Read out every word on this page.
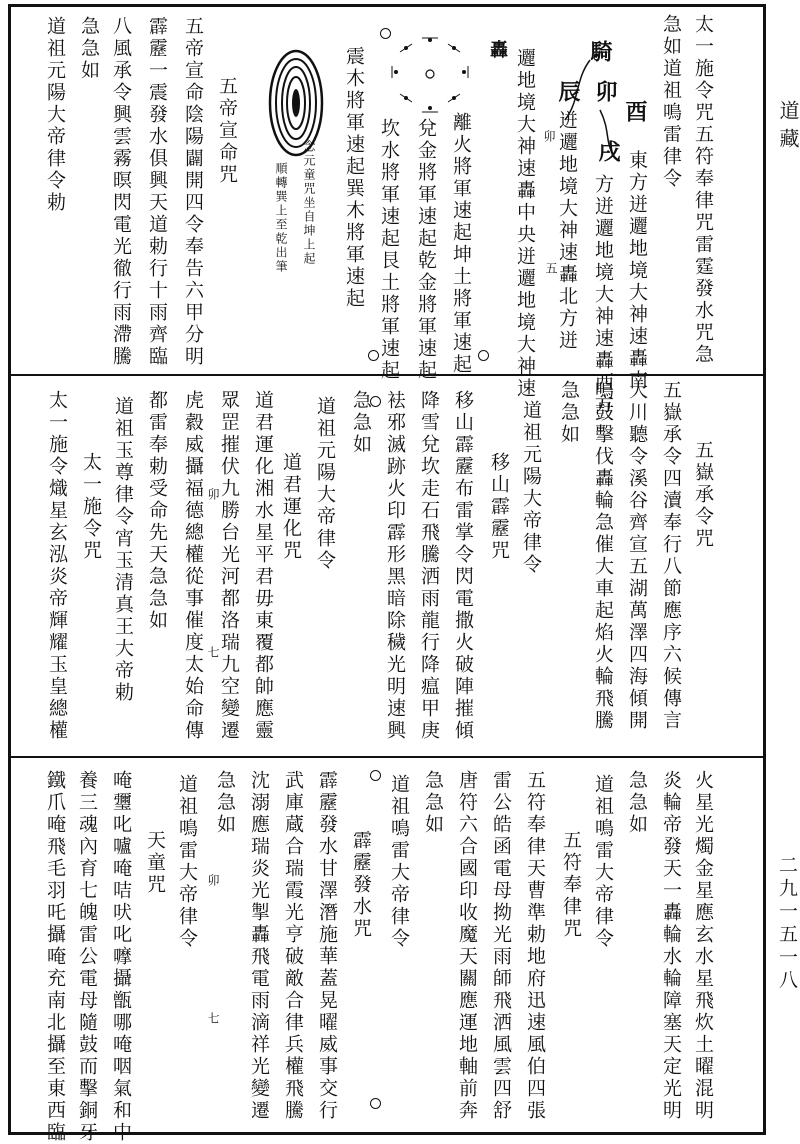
道藏
二九一五一八
太一施令咒五符奉律咒雷霆發水咒急
急如道祖鳴雷律令
騎
卯
辰
酉
戌 東方迸邐地境大神速轟南
方迸邐地境大神速轟西方
迸邐地境大神速轟北方迸
邐地境大神速轟中央迸邐地境大神速
轟
卯
五
離火將軍速起坤土將軍速起
兌金將軍速起乾金將軍速起
坎水將軍速起艮土將軍速起
震木將軍速起巽木將軍速起
念元童咒坐自坤上起
順轉巽上至乾出筆
五帝宣命咒
五帝宣命陰陽闢開四令奉告六甲分明
霹靂一震發水俱興天道勅行十雨齊臨
八風承令興雲霧暝閃電光徹行雨滯騰
急急如
道祖元陽大帝律令勅
五嶽承令咒
五嶽承令四瀆奉行八節應序六候傳言
大川聽令溪谷齊宣五湖萬澤四海傾開
鳴鼓擊伐轟輪急催大車起焰火輪飛騰
急急如
道祖元陽大帝律令
移山霹靂咒
移山霹靂布雷掌令閃電撒火破陣摧傾
降雪兌坎走石飛騰洒雨龍行降瘟甲庚
袪邪滅跡火印霹形黑暗除穢光明速興
急急如
道祖元陽大帝律令
道君運化咒
道君運化湘水星平君毋東覆都帥應靈
眾罡摧伏九勝台光河都洛瑞九空變遷
虎縠威攝福德總權從事催度太始命傳
都雷奉勅受命先天急急如
道祖玉尊律令宵玉清真王大帝勅
太一施令咒
太一施令熾星玄泓炎帝輝耀玉皇總權	卯
七
火星光燭金星應玄水星飛炊土曜混明
炎輪帝發天一轟輪水輪障塞天定光明
急急如
道祖鳴雷大帝律令
五符奉律咒
五符奉律天曹準勅地府迅速風伯四張
雷公皓函電母拗光雨師飛洒風雲四舒
唐符六合國印收魔天關應運地軸前奔
急急如
道祖鳴雷大帝律令
霹靂發水咒
霹靂發水甘澤潛施華蓋晃曜威事交行
武庫蔵合瑞霞光亨破敵合律兵權飛騰
沈溺應瑞炎光掣轟飛電雨滴祥光變遷
急急如
道祖鳴雷大帝律令
天童咒
唵瓕叱嚧唵咭吠叱嚤攝甑哪唵咽氣和中
養三魂內育七魄雷公電母隨鼓而擊銅牙
鐵爪唵飛毛羽吒攝唵充南北攝至東西臨	卯
七
